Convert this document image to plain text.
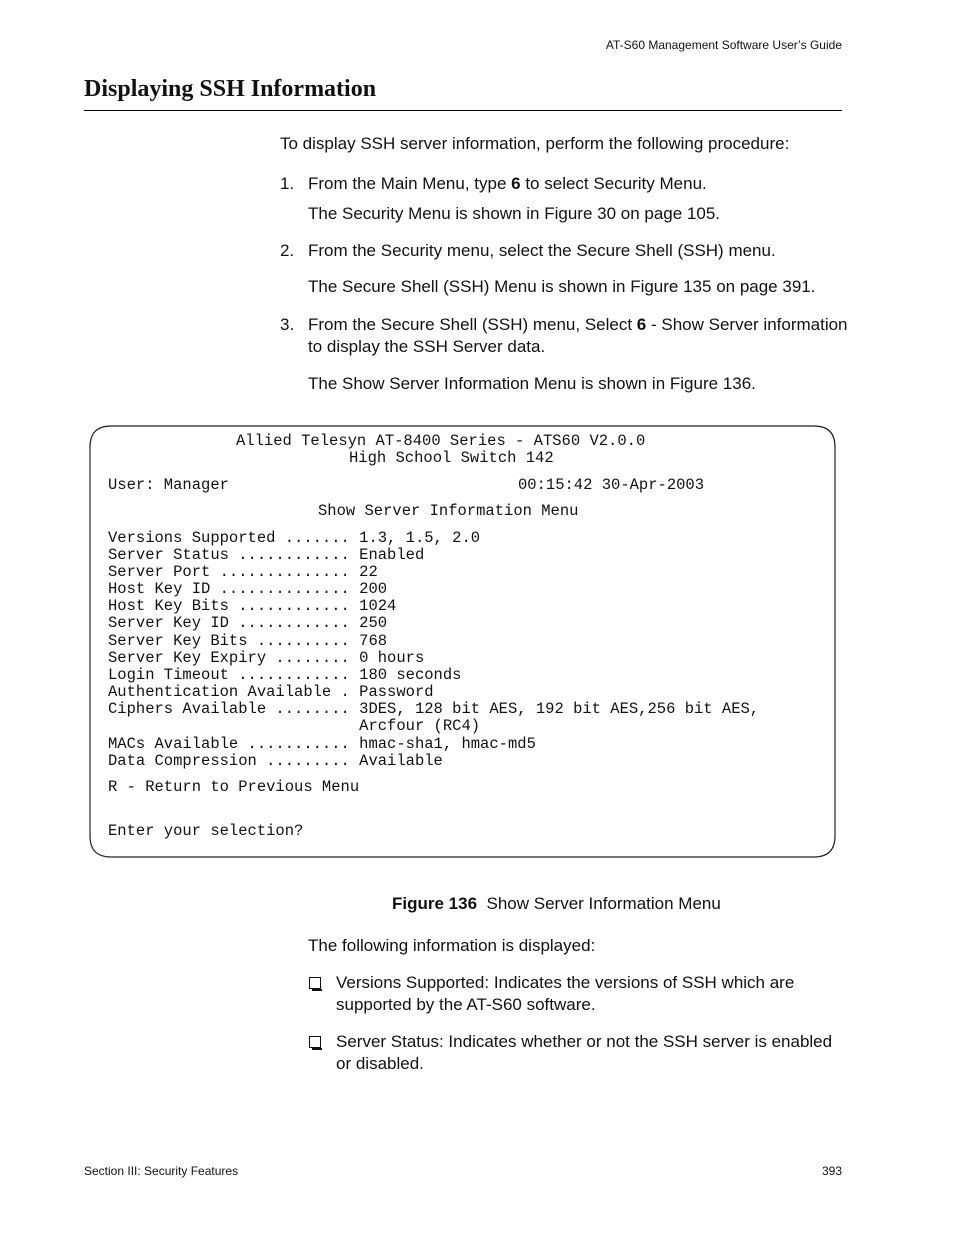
AT-S60 Management Software User’s Guide
Displaying SSH Information

To display SSH server information, perform the following procedure:

1. From the Main Menu, type 6 to select Security Menu.

The Security Menu is shown in Figure 30 on page 105.

2. From the Security menu, select the Secure Shell (SSH) menu.

The Secure Shell (SSH) Menu is shown in Figure 135 on page 391.

3. From the Secure Shell (SSH) menu, Select 6 - Show Server information

to display the SSH Server data.

The Show Server Information Menu is shown in Figure 136.

Allied Telesyn AT-8400 Series - ATS60 V2.0.0
High School Switch 142
User: Manager	00:15:42 30-Apr-2003
Show Server Information Menu
Versions Supported ....... 1.3, 1.5, 2.0
Server Status ............ Enabled
Server Port .............. 22
Host Key ID .............. 200
Host Key Bits ............ 1024
Server Key ID ............ 250
Server Key Bits .......... 768
Server Key Expiry ........ 0 hours
Login Timeout ............ 180 seconds
Authentication Available . Password
Ciphers Available ........ 3DES, 128 bit AES, 192 bit AES,256 bit AES,
Arcfour (RC4)
MACs Available ........... hmac-sha1, hmac-md5
Data Compression ......... Available
R - Return to Previous Menu
Enter your selection?
Figure 136 Show Server Information Menu

The following information is displayed:

Versions Supported: Indicates the versions of SSH which are

supported by the AT-S60 software.

Server Status: Indicates whether or not the SSH server is enabled

or disabled.

Section III: Security Features	393
